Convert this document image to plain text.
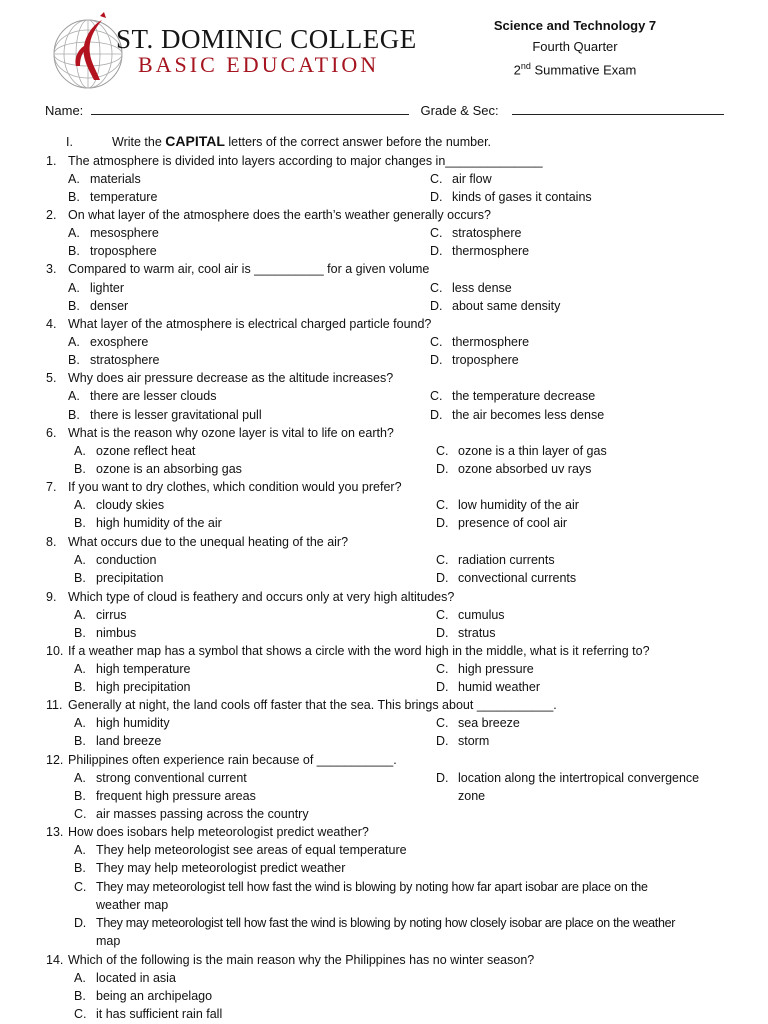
ST. DOMINIC COLLEGE
BASIC EDUCATION
Science and Technology 7
Fourth Quarter
2nd Summative Exam
Name:	Grade & Sec:
I.	Write the CAPITAL letters of the correct answer before the number.
1. The atmosphere is divided into layers according to major changes in______________
A. materials
B. temperature
C. air flow
D. kinds of gases it contains
2. On what layer of the atmosphere does the earth’s weather generally occurs?
A. mesosphere
B. troposphere
C. stratosphere
D. thermosphere
3. Compared to warm air, cool air is __________ for a given volume
A. lighter
B. denser
C. less dense
D. about same density
4. What layer of the atmosphere is electrical charged particle found?
A. exosphere
B. stratosphere
C. thermosphere
D. troposphere
5. Why does air pressure decrease as the altitude increases?
A. there are lesser clouds
B. there is lesser gravitational pull
C. the temperature decrease
D. the air becomes less dense
6. What is the reason why ozone layer is vital to life on earth?
A. ozone reflect heat
B. ozone is an absorbing gas
C. ozone is a thin layer of gas
D. ozone absorbed uv rays
7. If you want to dry clothes, which condition would you prefer?
A. cloudy skies
B. high humidity of the air
C. low humidity of the air
D. presence of cool air
8. What occurs due to the unequal heating of the air?
A. conduction
B. precipitation
C. radiation currents
D. convectional currents
9. Which type of cloud is feathery and occurs only at very high altitudes?
A. cirrus
B. nimbus
C. cumulus
D. stratus
10. If a weather map has a symbol that shows a circle with the word high in the middle, what is it referring to?
A. high temperature
B. high precipitation
C. high pressure
D. humid weather
11. Generally at night, the land cools off faster that the sea. This brings about ___________.
A. high humidity
B. land breeze
C. sea breeze
D. storm
12. Philippines often experience rain because of ___________.
A. strong conventional current
B. frequent high pressure areas
C. air masses passing across the country
D. location along the intertropical convergence
zone
13. How does isobars help meteorologist predict weather?
A. They help meteorologist see areas of equal temperature
B. They may help meteorologist predict weather
C. They may meteorologist tell how fast the wind is blowing by noting how far apart isobar are place on the
weather map
D. They may meteorologist tell how fast the wind is blowing by noting how closely isobar are place on the weather
map
14. Which of the following is the main reason why the Philippines has no winter season?
A. located in asia
B. being an archipelago
C. it has sufficient rain fall
